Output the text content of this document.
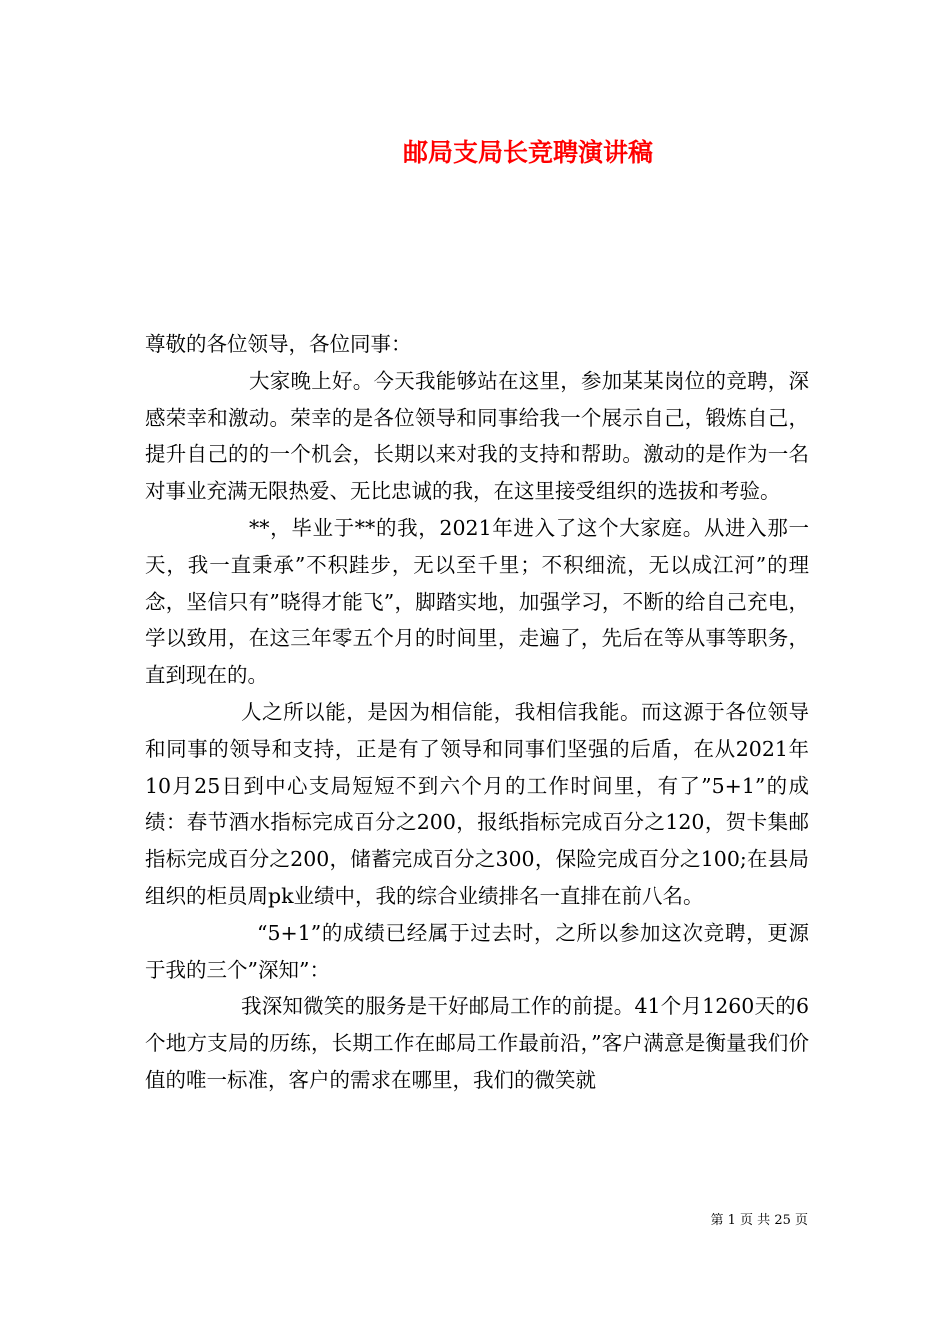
邮局支局长竞聘演讲稿

尊敬的各位领导，各位同事：

大家晚上好。今天我能够站在这里，参加某某岗位的竞聘，深感荣幸和激动。荣幸的是各位领导和同事给我一个展示自己，锻炼自己，提升自己的的一个机会，长期以来对我的支持和帮助。激动的是作为一名对事业充满无限热爱、无比忠诚的我，在这里接受组织的选拔和考验。

**，毕业于**的我，2021年进入了这个大家庭。从进入那一天，我一直秉承”不积跬步，无以至千里；不积细流，无以成江河”的理念，坚信只有”晓得才能飞”，脚踏实地，加强学习，不断的给自己充电，学以致用，在这三年零五个月的时间里，走遍了，先后在等从事等职务，直到现在的。

人之所以能，是因为相信能，我相信我能。而这源于各位领导和同事的领导和支持，正是有了领导和同事们坚强的后盾，在从2021年10月25日到中心支局短短不到六个月的工作时间里，有了”5+1”的成绩：春节酒水指标完成百分之200，报纸指标完成百分之120，贺卡集邮指标完成百分之200，储蓄完成百分之300，保险完成百分之100;在县局组织的柜员周pk业绩中，我的综合业绩排名一直排在前八名。

“5+1”的成绩已经属于过去时，之所以参加这次竞聘，更源于我的三个”深知”：

我深知微笑的服务是干好邮局工作的前提。41个月1260天的6个地方支局的历练，长期工作在邮局工作最前沿，”客户满意是衡量我们价值的唯一标准，客户的需求在哪里，我们的微笑就

第 1 页 共 25 页
